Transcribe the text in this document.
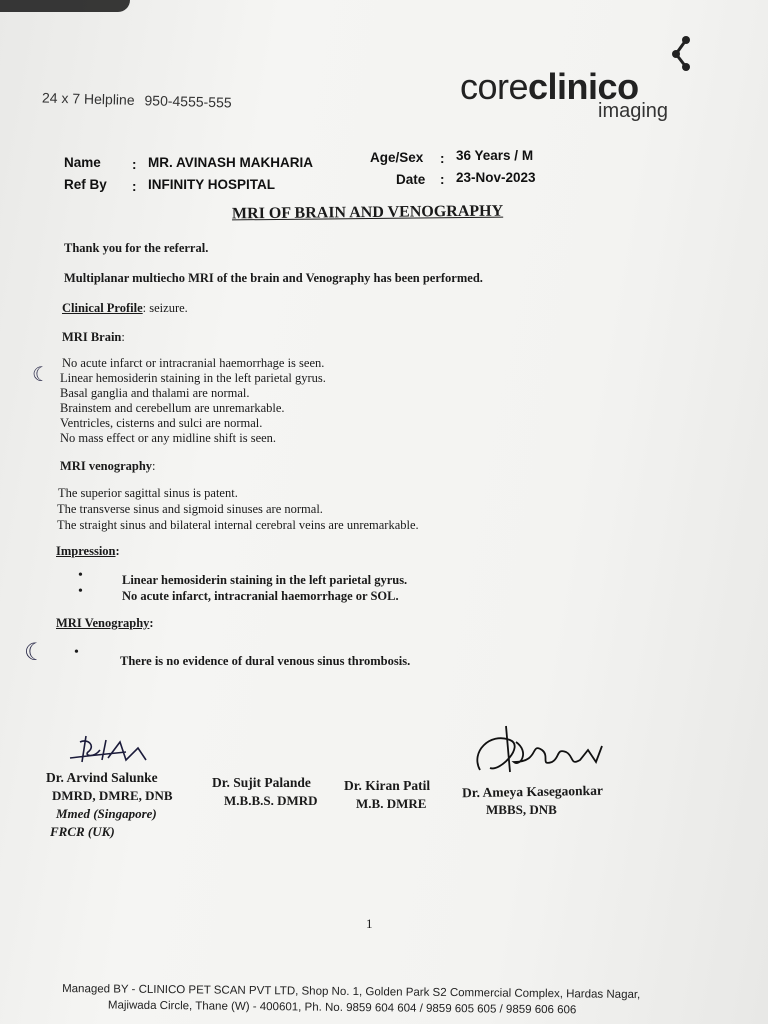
24 x 7 Helpline 950-4555-555	coreclinico
imaging
Name : MR. AVINASH MAKHARIA
Ref By : INFINITY HOSPITAL
Age/Sex : 36 Years / M
Date : 23-Nov-2023
MRI OF BRAIN AND VENOGRAPHY
Thank you for the referral.
Multiplanar multiecho MRI of the brain and Venography has been performed.
Clinical Profile: seizure.
MRI Brain:
☾
No acute infarct or intracranial haemorrhage is seen.
Linear hemosiderin staining in the left parietal gyrus.
Basal ganglia and thalami are normal.
Brainstem and cerebellum are unremarkable.
Ventricles, cisterns and sulci are normal.
No mass effect or any midline shift is seen.
MRI venography:
The superior sagittal sinus is patent.
The transverse sinus and sigmoid sinuses are normal.
The straight sinus and bilateral internal cerebral veins are unremarkable.
Impression:
•	Linear hemosiderin staining in the left parietal gyrus.
•	No acute infarct, intracranial haemorrhage or SOL.
MRI Venography:
☾ •
There is no evidence of dural venous sinus thrombosis.
Dr. Arvind Salunke
DMRD, DMRE, DNB
Mmed (Singapore)
FRCR (UK)
Dr. Sujit Palande
M.B.B.S. DMRD
Dr. Kiran Patil
M.B. DMRE
Dr. Ameya Kasegaonkar
MBBS, DNB
1
Managed BY - CLINICO PET SCAN PVT LTD, Shop No. 1, Golden Park S2 Commercial Complex, Hardas Nagar,
Majiwada Circle, Thane (W) - 400601, Ph. No. 9859 604 604 / 9859 605 605 / 9859 606 606
